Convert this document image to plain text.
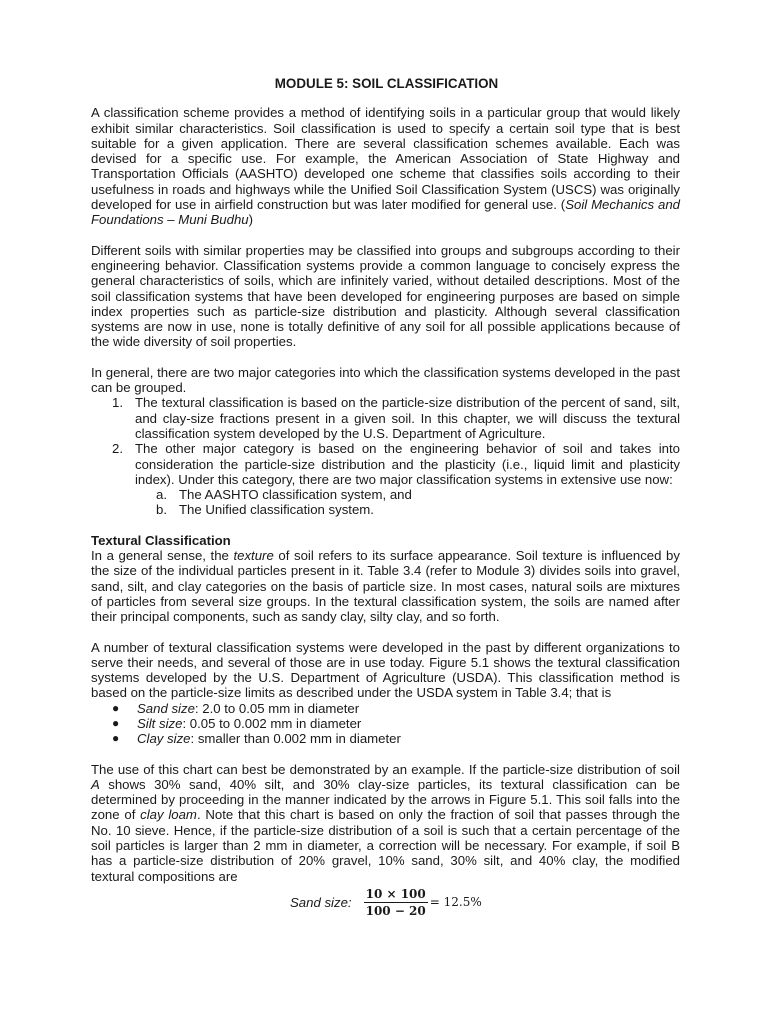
MODULE 5: SOIL CLASSIFICATION

A classification scheme provides a method of identifying soils in a particular group that would likely exhibit similar characteristics. Soil classification is used to specify a certain soil type that is best suitable for a given application. There are several classification schemes available. Each was devised for a specific use. For example, the American Association of State Highway and Transportation Officials (AASHTO) developed one scheme that classifies soils according to their usefulness in roads and highways while the Unified Soil Classification System (USCS) was originally developed for use in airfield construction but was later modified for general use. (Soil Mechanics and Foundations – Muni Budhu)

Different soils with similar properties may be classified into groups and subgroups according to their engineering behavior. Classification systems provide a common language to concisely express the general characteristics of soils, which are infinitely varied, without detailed descriptions. Most of the soil classification systems that have been developed for engineering purposes are based on simple index properties such as particle-size distribution and plasticity. Although several classification systems are now in use, none is totally definitive of any soil for all possible applications because of the wide diversity of soil properties.

In general, there are two major categories into which the classification systems developed in the past can be grouped.

1. The textural classification is based on the particle-size distribution of the percent of sand, silt, and clay-size fractions present in a given soil. In this chapter, we will discuss the textural classification system developed by the U.S. Department of Agriculture.
2. The other major category is based on the engineering behavior of soil and takes into consideration the particle-size distribution and the plasticity (i.e., liquid limit and plasticity index). Under this category, there are two major classification systems in extensive use now:
a. The AASHTO classification system, and
b. The Unified classification system.
Textural Classification

In a general sense, the texture of soil refers to its surface appearance. Soil texture is influenced by the size of the individual particles present in it. Table 3.4 (refer to Module 3) divides soils into gravel, sand, silt, and clay categories on the basis of particle size. In most cases, natural soils are mixtures of particles from several size groups. In the textural classification system, the soils are named after their principal components, such as sandy clay, silty clay, and so forth.

A number of textural classification systems were developed in the past by different organizations to serve their needs, and several of those are in use today. Figure 5.1 shows the textural classification systems developed by the U.S. Department of Agriculture (USDA). This classification method is based on the particle-size limits as described under the USDA system in Table 3.4; that is

●	Sand size: 2.0 to 0.05 mm in diameter
●	Silt size: 0.05 to 0.002 mm in diameter
●	Clay size: smaller than 0.002 mm in diameter

The use of this chart can best be demonstrated by an example. If the particle-size distribution of soil A shows 30% sand, 40% silt, and 30% clay-size particles, its textural classification can be determined by proceeding in the manner indicated by the arrows in Figure 5.1. This soil falls into the zone of clay loam. Note that this chart is based on only the fraction of soil that passes through the No. 10 sieve. Hence, if the particle-size distribution of a soil is such that a certain percentage of the soil particles is larger than 2 mm in diameter, a correction will be necessary. For example, if soil B has a particle-size distribution of 20% gravel, 10% sand, 30% silt, and 40% clay, the modified textural compositions are

Sand size: $\frac{10 \times 100}{100 - 20} = 12.5\%$
